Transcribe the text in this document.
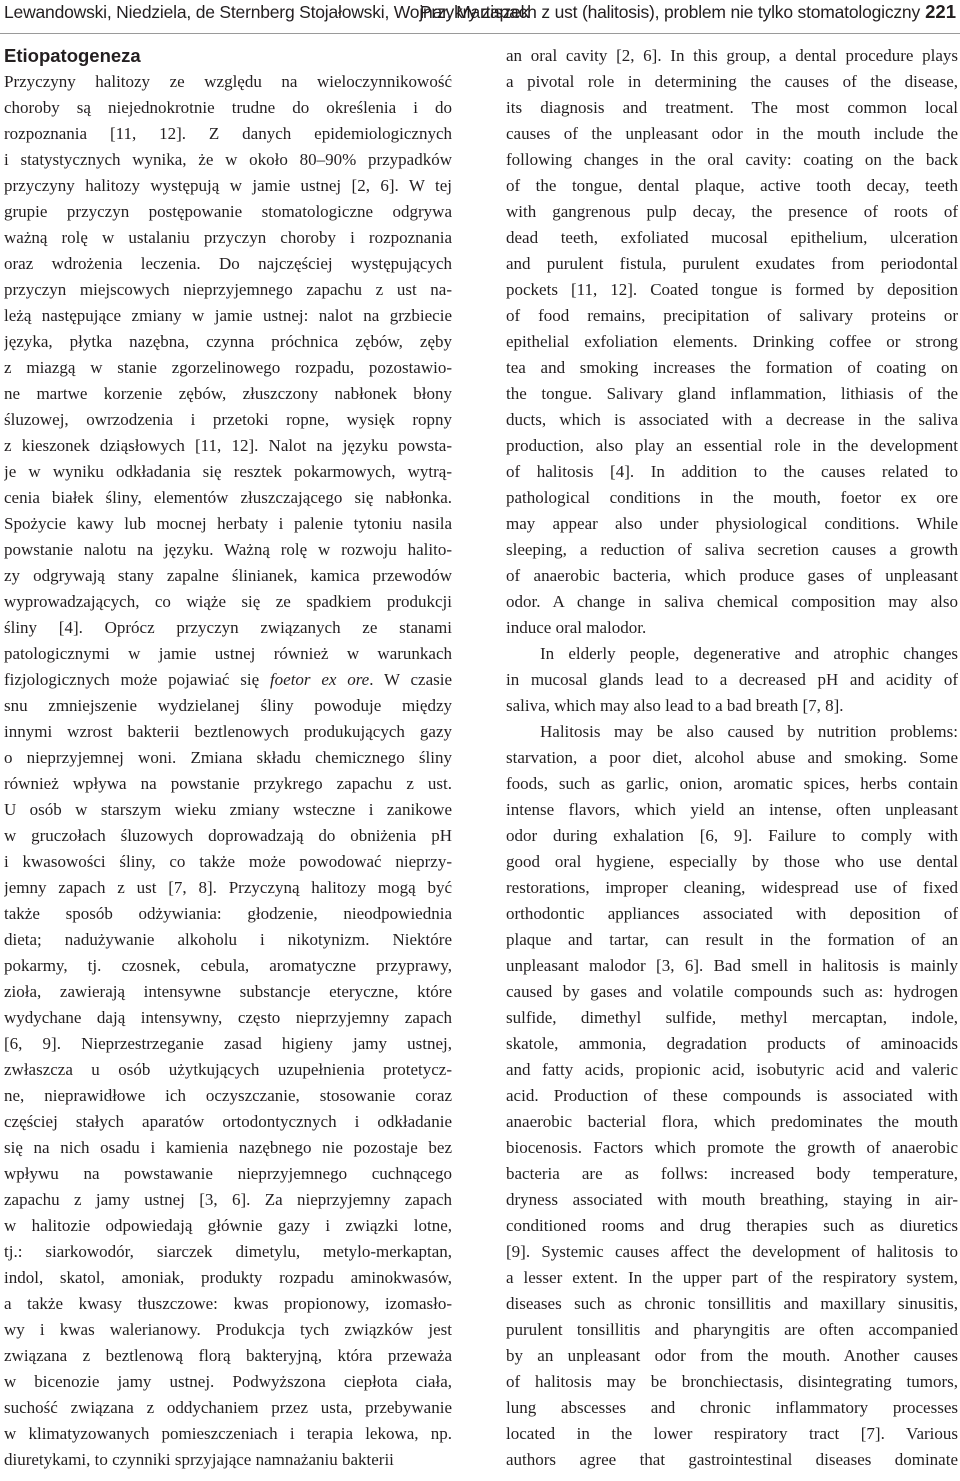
Lewandowski, Niedziela, de Sternberg Stojałowski, Wojnar, Martiszek
Przykry zapach z ust (halitosis), problem nie tylko stomatologiczny 221
Etiopatogeneza
Przyczyny halitozy ze względu na wieloczynnikowość
choroby są niejednokrotnie trudne do określenia i do
rozpoznania [11, 12]. Z danych epidemiologicznych
i statystycznych wynika, że w około 80–90% przypadków
przyczyny halitozy występują w jamie ustnej [2, 6]. W tej
grupie przyczyn postępowanie stomatologiczne odgrywa
ważną rolę w ustalaniu przyczyn choroby i rozpoznania
oraz wdrożenia leczenia. Do najczęściej występujących
przyczyn miejscowych nieprzyjemnego zapachu z ust na-
leżą następujące zmiany w jamie ustnej: nalot na grzbiecie
języka, płytka nazębna, czynna próchnica zębów, zęby
z miazgą w stanie zgorzelinowego rozpadu, pozostawio-
ne martwe korzenie zębów, złuszczony nabłonek błony
śluzowej, owrzodzenia i przetoki ropne, wysięk ropny
z kieszonek dziąsłowych [11, 12]. Nalot na języku powsta-
je w wyniku odkładania się resztek pokarmowych, wytrą-
cenia białek śliny, elementów złuszczającego się nabłonka.
Spożycie kawy lub mocnej herbaty i palenie tytoniu nasila
powstanie nalotu na języku. Ważną rolę w rozwoju halito-
zy odgrywają stany zapalne ślinianek, kamica przewodów
wyprowadzających, co wiąże się ze spadkiem produkcji
śliny [4]. Oprócz przyczyn związanych ze stanami
patologicznymi w jamie ustnej również w warunkach
fizjologicznych może pojawiać się foetor ex ore. W czasie
snu zmniejszenie wydzielanej śliny powoduje między
innymi wzrost bakterii beztlenowych produkujących gazy
o nieprzyjemnej woni. Zmiana składu chemicznego śliny
również wpływa na powstanie przykrego zapachu z ust.
U osób w starszym wieku zmiany wsteczne i zanikowe
w gruczołach śluzowych doprowadzają do obniżenia pH
i kwasowości śliny, co także może powodować nieprzy-
jemny zapach z ust [7, 8]. Przyczyną halitozy mogą być
także sposób odżywiania: głodzenie, nieodpowiednia
dieta; nadużywanie alkoholu i nikotynizm. Niektóre
pokarmy, tj. czosnek, cebula, aromatyczne przyprawy,
zioła, zawierają intensywne substancje eteryczne, które
wydychane dają intensywny, często nieprzyjemny zapach
[6, 9]. Nieprzestrzeganie zasad higieny jamy ustnej,
zwłaszcza u osób użytkujących uzupełnienia protetycz-
ne, nieprawidłowe ich oczyszczanie, stosowanie coraz
częściej stałych aparatów ortodontycznych i odkładanie
się na nich osadu i kamienia nazębnego nie pozostaje bez
wpływu na powstawanie nieprzyjemnego cuchnącego
zapachu z jamy ustnej [3, 6]. Za nieprzyjemny zapach
w halitozie odpowiedają głównie gazy i związki lotne,
tj.: siarkowodór, siarczek dimetylu, metylo-merkaptan,
indol, skatol, amoniak, produkty rozpadu aminokwasów,
a także kwasy tłuszczowe: kwas propionowy, izomasło-
wy i kwas walerianowy. Produkcja tych związków jest
związana z beztlenową florą bakteryjną, która przeważa
w bicenozie jamy ustnej. Podwyższona ciepłota ciała,
suchość związana z oddychaniem przez usta, przebywanie
w klimatyzowanych pomieszczeniach i terapia lekowa, np.
diuretykami, to czynniki sprzyjające namnażaniu bakterii
an oral cavity [2, 6]. In this group, a dental procedure plays
a pivotal role in determining the causes of the disease,
its diagnosis and treatment. The most common local
causes of the unpleasant odor in the mouth include the
following changes in the oral cavity: coating on the back
of the tongue, dental plaque, active tooth decay, teeth
with gangrenous pulp decay, the presence of roots of
dead teeth, exfoliated mucosal epithelium, ulceration
and purulent fistula, purulent exudates from periodontal
pockets [11, 12]. Coated tongue is formed by deposition
of food remains, precipitation of salivary proteins or
epithelial exfoliation elements. Drinking coffee or strong
tea and smoking increases the formation of coating on
the tongue. Salivary gland inflammation, lithiasis of the
ducts, which is associated with a decrease in the saliva
production, also play an essential role in the development
of halitosis [4]. In addition to the causes related to
pathological conditions in the mouth, foetor ex ore
may appear also under physiological conditions. While
sleeping, a reduction of saliva secretion causes a growth
of anaerobic bacteria, which produce gases of unpleasant
odor. A change in saliva chemical composition may also
induce oral malodor.
In elderly people, degenerative and atrophic changes
in mucosal glands lead to a decreased pH and acidity of
saliva, which may also lead to a bad breath [7, 8].
Halitosis may be also caused by nutrition problems:
starvation, a poor diet, alcohol abuse and smoking. Some
foods, such as garlic, onion, aromatic spices, herbs contain
intense flavors, which yield an intense, often unpleasant
odor during exhalation [6, 9]. Failure to comply with
good oral hygiene, especially by those who use dental
restorations, improper cleaning, widespread use of fixed
orthodontic appliances associated with deposition of
plaque and tartar, can result in the formation of an
unpleasant malodor [3, 6]. Bad smell in halitosis is mainly
caused by gases and volatile compounds such as: hydrogen
sulfide, dimethyl sulfide, methyl mercaptan, indole,
skatole, ammonia, degradation products of aminoacids
and fatty acids, propionic acid, isobutyric acid and valeric
acid. Production of these compounds is associated with
anaerobic bacterial flora, which predominates the mouth
biocenosis. Factors which promote the growth of anaerobic
bacteria are as follws: increased body temperature,
dryness associated with mouth breathing, staying in air-
conditioned rooms and drug therapies such as diuretics
[9]. Systemic causes affect the development of halitosis to
a lesser extent. In the upper part of the respiratory system,
diseases such as chronic tonsillitis and maxillary sinusitis,
purulent tonsillitis and pharyngitis are often accompanied
by an unpleasant odor from the mouth. Another causes
of halitosis may be bronchiectasis, disintegrating tumors,
lung abscesses and chronic inflammatory processes
located in the lower respiratory tract [7]. Various
authors agree that gastrointestinal diseases dominate
